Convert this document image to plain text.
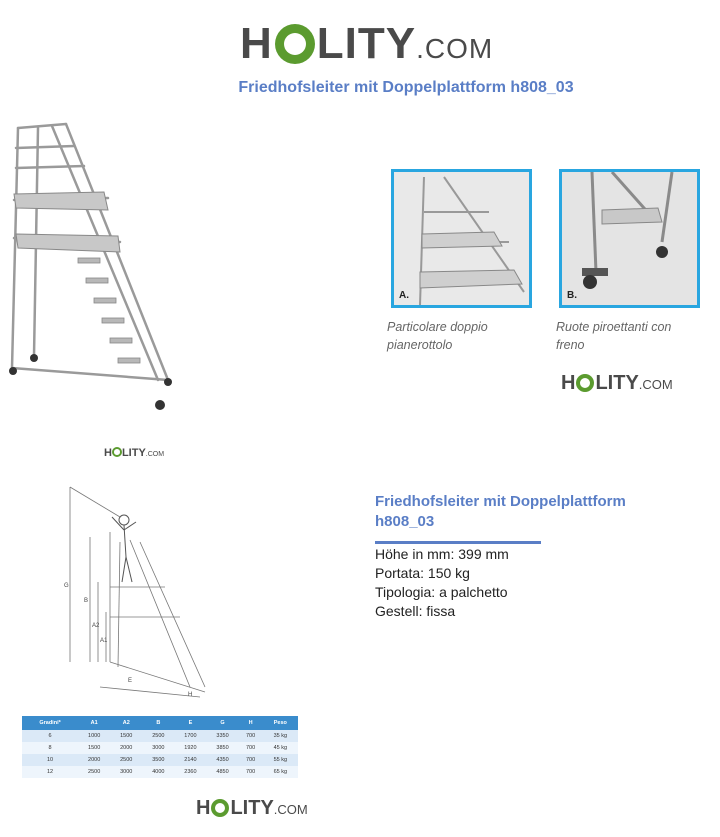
H LITY .COM
Friedhofsleiter mit Doppelplattform h808_03
A.	B.
Particolare doppio
pianerottolo
Ruote piroettanti con
freno
H LITY .COM
H LITY .COM
G
B
A2
A1
E
H
Gradini*	A1	A2	B	E	G	H	Peso
6	1000	1500	2500	1700	3350	700	35 kg
8	1500	2000	3000	1920	3850	700	45 kg
10	2000	2500	3500	2140	4350	700	55 kg
12	2500	3000	4000	2360	4850	700	65 kg
H LITY .COM
Friedhofsleiter mit Doppelplattform
h808_03
Höhe in mm: 399 mm
Portata: 150 kg
Tipologia: a palchetto
Gestell: fissa
